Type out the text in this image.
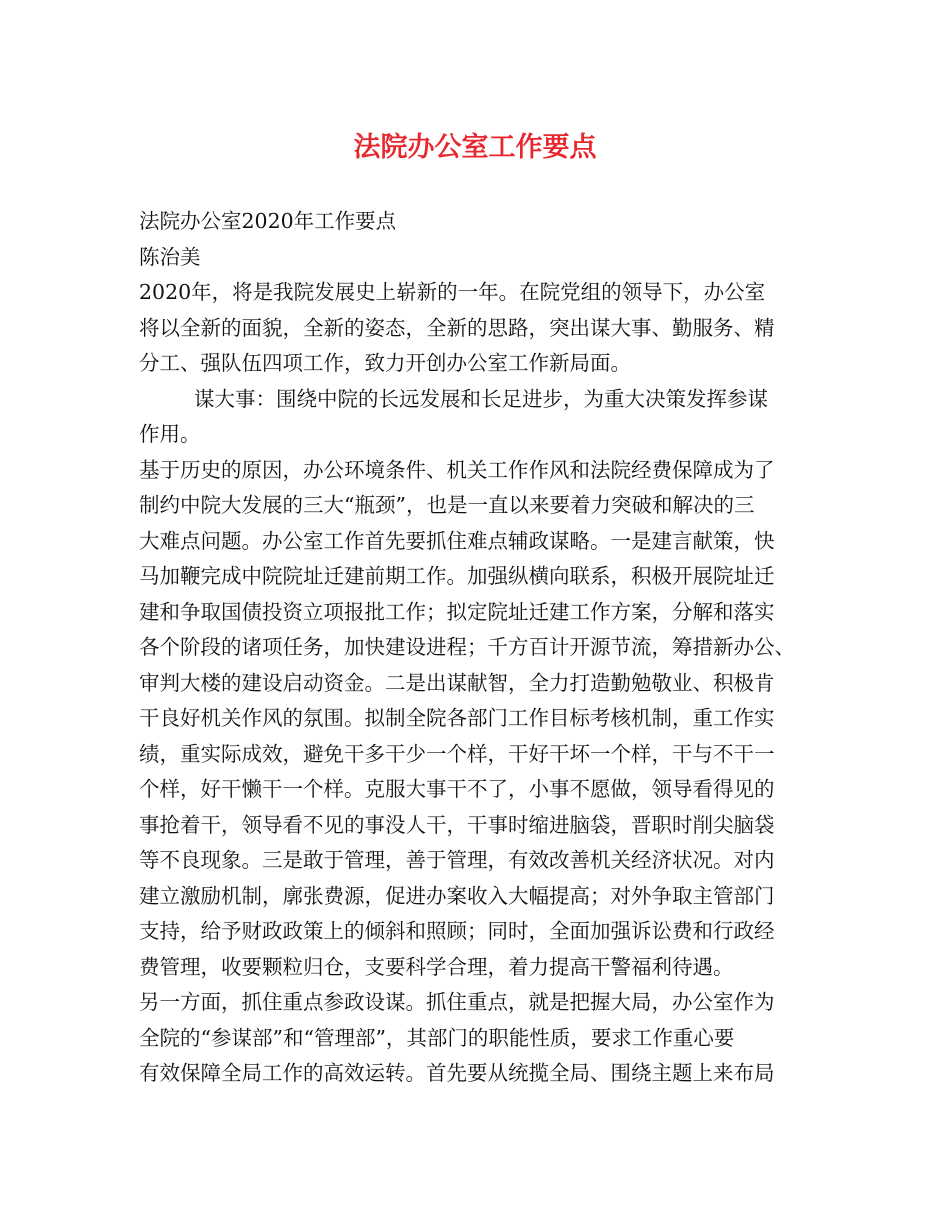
法院办公室工作要点
法院办公室2020年工作要点
陈治美
2020年，将是我院发展史上崭新的一年。在院党组的领导下，办公室
将以全新的面貌，全新的姿态，全新的思路，突出谋大事、勤服务、精
分工、强队伍四项工作，致力开创办公室工作新局面。
谋大事：围绕中院的长远发展和长足进步，为重大决策发挥参谋
作用。
基于历史的原因，办公环境条件、机关工作作风和法院经费保障成为了
制约中院大发展的三大“瓶颈”，也是一直以来要着力突破和解决的三
大难点问题。办公室工作首先要抓住难点辅政谋略。一是建言献策，快
马加鞭完成中院院址迁建前期工作。加强纵横向联系，积极开展院址迁
建和争取国债投资立项报批工作；拟定院址迁建工作方案，分解和落实
各个阶段的诸项任务，加快建设进程；千方百计开源节流，筹措新办公、
审判大楼的建设启动资金。二是出谋献智，全力打造勤勉敬业、积极肯
干良好机关作风的氛围。拟制全院各部门工作目标考核机制，重工作实
绩，重实际成效，避免干多干少一个样，干好干坏一个样，干与不干一
个样，好干懒干一个样。克服大事干不了，小事不愿做，领导看得见的
事抢着干，领导看不见的事没人干，干事时缩进脑袋，晋职时削尖脑袋
等不良现象。三是敢于管理，善于管理，有效改善机关经济状况。对内
建立激励机制，廓张费源，促进办案收入大幅提高；对外争取主管部门
支持，给予财政政策上的倾斜和照顾；同时，全面加强诉讼费和行政经
费管理，收要颗粒归仓，支要科学合理，着力提高干警福利待遇。
另一方面，抓住重点参政设谋。抓住重点，就是把握大局，办公室作为
全院的“参谋部”和“管理部”，其部门的职能性质，要求工作重心要
有效保障全局工作的高效运转。首先要从统揽全局、围绕主题上来布局
